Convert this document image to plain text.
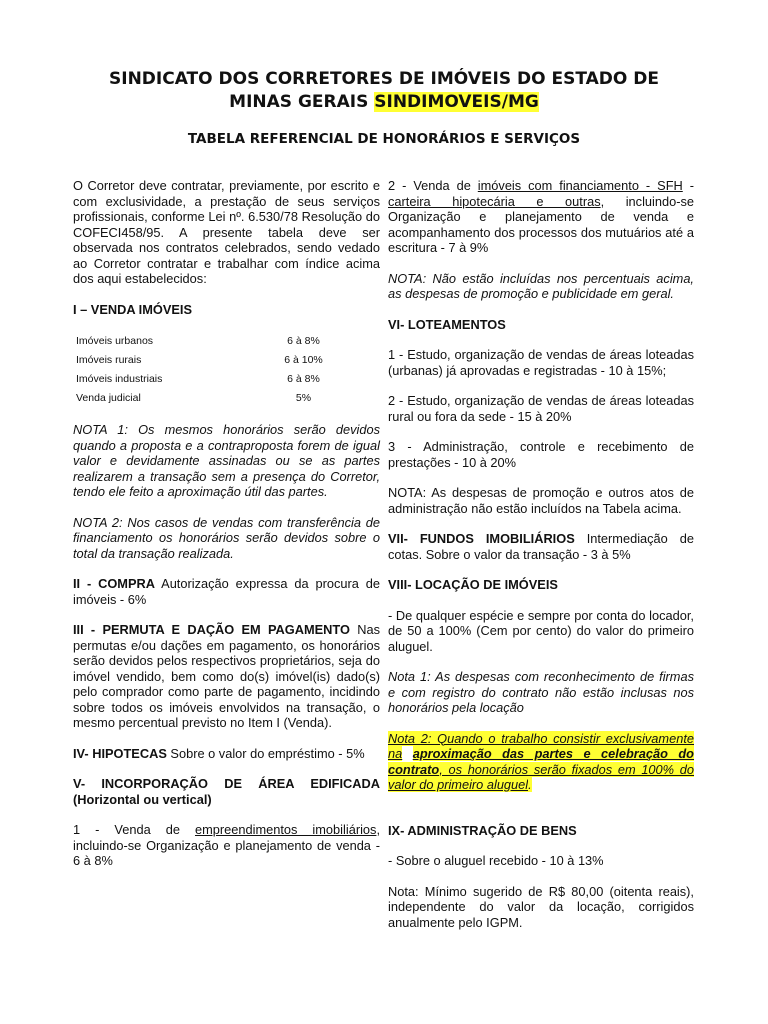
SINDICATO DOS CORRETORES DE IMÓVEIS DO ESTADO DE
MINAS GERAIS SINDIMOVEIS/MG
TABELA REFERENCIAL DE HONORÁRIOS E SERVIÇOS

O Corretor deve contratar, previamente, por escrito e com exclusividade, a prestação de seus serviços profissionais, conforme Lei nº. 6.530/78 Resolução do COFECI458/95. A presente tabela deve ser observada nos contratos celebrados, sendo vedado ao Corretor contratar e trabalhar com índice acima dos aqui estabelecidos:

I – VENDA IMÓVEIS
Imóveis urbanos	6 à 8%
Imóveis rurais	6 à 10%
Imóveis industriais	6 à 8%
Venda judicial	5%

NOTA 1: Os mesmos honorários serão devidos quando a proposta e a contraproposta forem de igual valor e devidamente assinadas ou se as partes realizarem a transação sem a presença do Corretor, tendo ele feito a aproximação útil das partes.

NOTA 2: Nos casos de vendas com transferência de financiamento os honorários serão devidos sobre o total da transação realizada.

II - COMPRA Autorização expressa da procura de imóveis - 6%

III - PERMUTA E DAÇÃO EM PAGAMENTO Nas permutas e/ou dações em pagamento, os honorários serão devidos pelos respectivos proprietários, seja do imóvel vendido, bem como do(s) imóvel(is) dado(s) pelo comprador como parte de pagamento, incidindo sobre todos os imóveis envolvidos na transação, o mesmo percentual previsto no Item I (Venda).

IV- HIPOTECAS Sobre o valor do empréstimo - 5%

V- INCORPORAÇÃO DE ÁREA EDIFICADA (Horizontal ou vertical)

1 - Venda de empreendimentos imobiliários, incluindo-se Organização e planejamento de venda - 6 à 8%

2 - Venda de imóveis com financiamento - SFH - carteira hipotecária e outras, incluindo-se Organização e planejamento de venda e acompanhamento dos processos dos mutuários até a escritura - 7 à 9%

NOTA: Não estão incluídas nos percentuais acima, as despesas de promoção e publicidade em geral.

VI- LOTEAMENTOS

1 - Estudo, organização de vendas de áreas loteadas (urbanas) já aprovadas e registradas - 10 à 15%;

2 - Estudo, organização de vendas de áreas loteadas rural ou fora da sede - 15 à 20%

3 - Administração, controle e recebimento de prestações - 10 à 20%

NOTA: As despesas de promoção e outros atos de administração não estão incluídos na Tabela acima.

VII- FUNDOS IMOBILIÁRIOS Intermediação de cotas. Sobre o valor da transação - 3 à 5%

VIII- LOCAÇÃO DE IMÓVEIS

- De qualquer espécie e sempre por conta do locador, de 50 a 100% (Cem por cento) do valor do primeiro aluguel.

Nota 1: As despesas com reconhecimento de firmas e com registro do contrato não estão inclusas nos honorários pela locação

Nota 2: Quando o trabalho consistir exclusivamente na aproximação das partes e celebração do contrato, os honorários serão fixados em 100% do valor do primeiro aluguel.

IX- ADMINISTRAÇÃO DE BENS

- Sobre o aluguel recebido - 10 à 13%

Nota: Mínimo sugerido de R$ 80,00 (oitenta reais), independente do valor da locação, corrigidos anualmente pelo IGPM.
